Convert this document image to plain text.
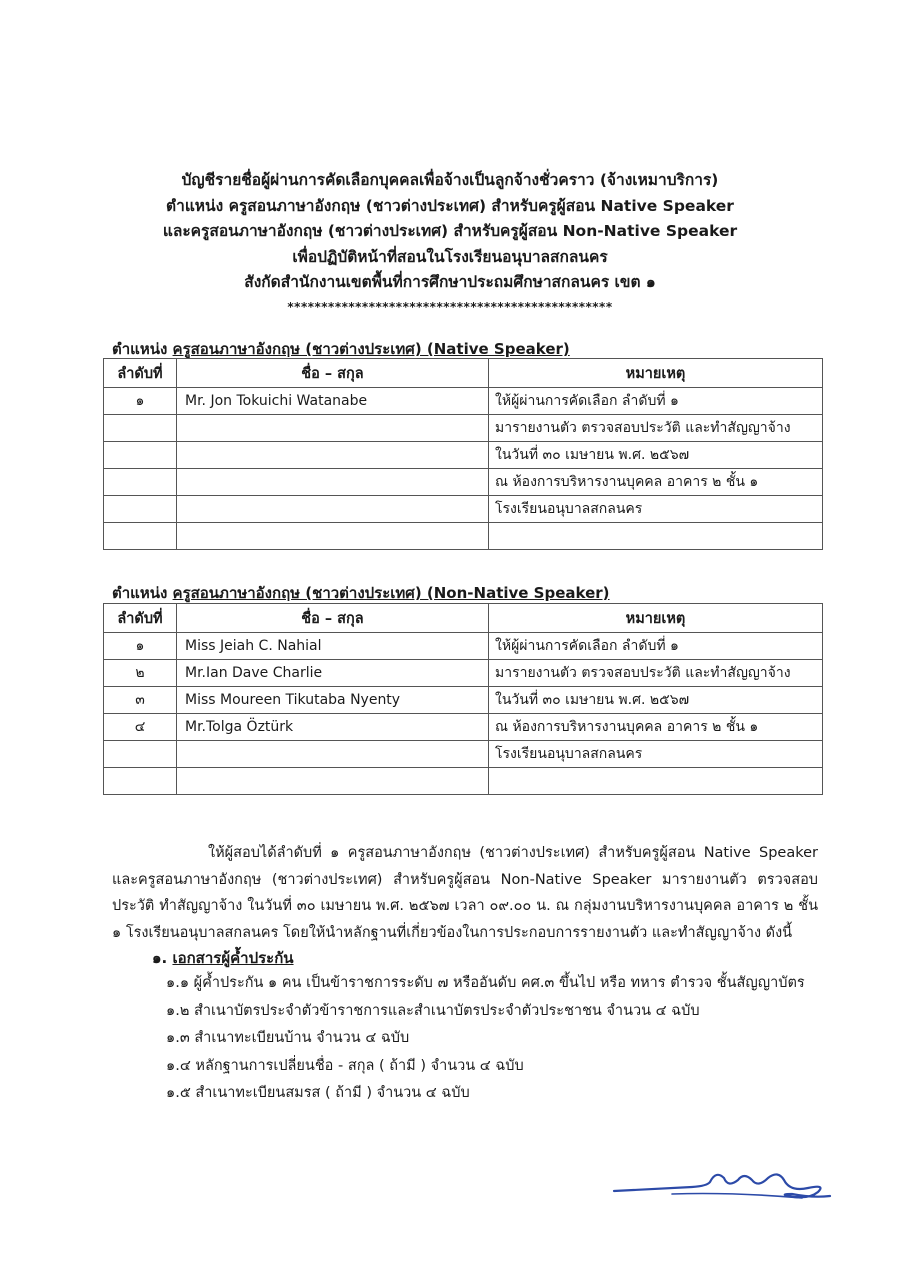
บัญชีรายชื่อผู้ผ่านการคัดเลือกบุคคลเพื่อจ้างเป็นลูกจ้างชั่วคราว (จ้างเหมาบริการ)
ตำแหน่ง ครูสอนภาษาอังกฤษ (ชาวต่างประเทศ) สำหรับครูผู้สอน Native Speaker
และครูสอนภาษาอังกฤษ (ชาวต่างประเทศ) สำหรับครูผู้สอน Non-Native Speaker
เพื่อปฏิบัติหน้าที่สอนในโรงเรียนอนุบาลสกลนคร
สังกัดสำนักงานเขตพื้นที่การศึกษาประถมศึกษาสกลนคร เขต ๑
************************************************
ตำแหน่ง ครูสอนภาษาอังกฤษ (ชาวต่างประเทศ) (Native Speaker)
ลำดับที่	ชื่อ – สกุล	หมายเหตุ
๑	Mr. Jon Tokuichi Watanabe	ให้ผู้ผ่านการคัดเลือก ลำดับที่ ๑
		มารายงานตัว ตรวจสอบประวัติ และทำสัญญาจ้าง
		ในวันที่ ๓๐ เมษายน พ.ศ. ๒๕๖๗
		ณ ห้องการบริหารงานบุคคล อาคาร ๒ ชั้น ๑
		โรงเรียนอนุบาลสกลนคร

ตำแหน่ง ครูสอนภาษาอังกฤษ (ชาวต่างประเทศ) (Non-Native Speaker)
ลำดับที่	ชื่อ – สกุล	หมายเหตุ
๑	Miss Jeiah C. Nahial	ให้ผู้ผ่านการคัดเลือก ลำดับที่ ๑
๒	Mr.Ian Dave Charlie	มารายงานตัว ตรวจสอบประวัติ และทำสัญญาจ้าง
๓	Miss Moureen Tikutaba Nyenty	ในวันที่ ๓๐ เมษายน พ.ศ. ๒๕๖๗
๔	Mr.Tolga Öztürk	ณ ห้องการบริหารงานบุคคล อาคาร ๒ ชั้น ๑
		โรงเรียนอนุบาลสกลนคร

ให้ผู้สอบได้ลำดับที่ ๑ ครูสอนภาษาอังกฤษ (ชาวต่างประเทศ) สำหรับครูผู้สอน Native Speaker และครูสอนภาษาอังกฤษ (ชาวต่างประเทศ) สำหรับครูผู้สอน Non-Native Speaker มารายงานตัว ตรวจสอบประวัติ ทำสัญญาจ้าง ในวันที่ ๓๐ เมษายน พ.ศ. ๒๕๖๗ เวลา ๐๙.๐๐ น. ณ กลุ่มงานบริหารงานบุคคล อาคาร ๒ ชั้น ๑ โรงเรียนอนุบาลสกลนคร โดยให้นำหลักฐานที่เกี่ยวข้องในการประกอบการรายงานตัว และทำสัญญาจ้าง ดังนี้
๑. เอกสารผู้ค้ำประกัน
๑.๑ ผู้ค้ำประกัน ๑ คน เป็นข้าราชการระดับ ๗ หรืออันดับ คศ.๓ ขึ้นไป หรือ ทหาร ตำรวจ ชั้นสัญญาบัตร
๑.๒ สำเนาบัตรประจำตัวข้าราชการและสำเนาบัตรประจำตัวประชาชน จำนวน ๔ ฉบับ
๑.๓ สำเนาทะเบียนบ้าน จำนวน ๔ ฉบับ
๑.๔ หลักฐานการเปลี่ยนชื่อ - สกุล ( ถ้ามี ) จำนวน ๔ ฉบับ
๑.๕ สำเนาทะเบียนสมรส ( ถ้ามี ) จำนวน ๔ ฉบับ
